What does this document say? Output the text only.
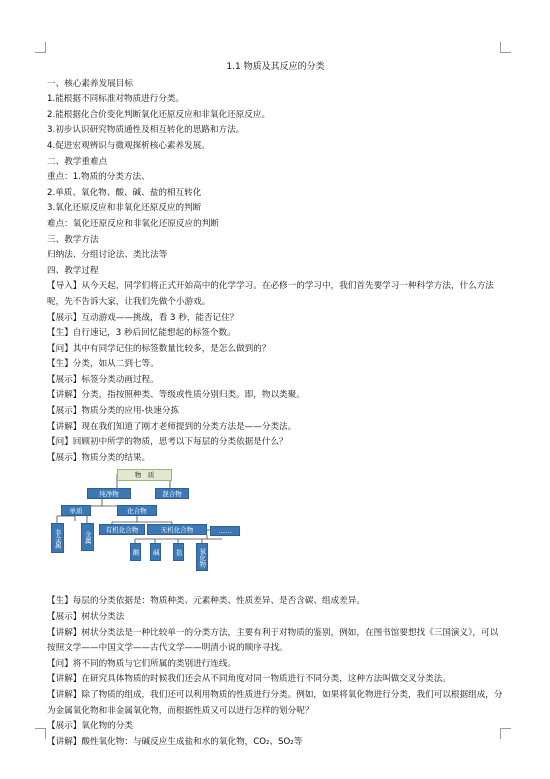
1.1 物质及其反应的分类
一、核心素养发展目标
1.能根据不同标准对物质进行分类。
2.能根据化合价变化判断氧化还原反应和非氧化还原反应。
3.初步认识研究物质通性及相互转化的思路和方法。
4.促进宏观辨识与微观探析核心素养发展。
二、教学重难点
重点：1.物质的分类方法、
2.单质、氧化物、酸、碱、盐的相互转化
3.氧化还原反应和非氧化还原反应的判断
难点：氧化还原反应和非氧化还原反应的判断
三、教学方法
归纳法、分组讨论法、类比法等
四、教学过程
【导入】从今天起，同学们将正式开始高中的化学学习。在必修一的学习中，我们首先要学习一种科学方法，什么方法呢，先不告诉大家，让我们先做个小游戏。
【展示】互动游戏——挑战，看 3 秒，能否记住？
【生】自行速记，3 秒后回忆能想起的标签个数。
【问】其中有同学记住的标签数量比较多，是怎么做到的？
【生】分类，如从二到七等。
【展示】标签分类动画过程。
【讲解】分类，指按照种类、等级或性质分别归类。即，物以类聚。
【展示】物质分类的应用-快速分拣
【讲解】现在我们知道了刚才老师提到的分类方法是——分类法。
【问】回顾初中所学的物质，思考以下每层的分类依据是什么？
【展示】物质分类的结果。
物　质
纯净物	混合物
单质	化合物
非金属	金属
有机化合物	无机化合物	……
酸 碱 盐	氧化物
【生】每层的分类依据是：物质种类、元素种类、性质差异、是否含碳、组成差异。
【展示】树状分类法
【讲解】树状分类法是一种比较单一的分类方法，主要有利于对物质的鉴别，例如，在图书馆要想找《三国演义》，可以按照文学——中国文学——古代文学——明清小说的顺序寻找。
【问】将不同的物质与它们所属的类别进行连线。
【讲解】在研究具体物质的时候我们还会从不同角度对同一物质进行不同分类，这种方法叫做交叉分类法。
【讲解】除了物质的组成，我们还可以利用物质的性质进行分类。例如，如果将氧化物进行分类，我们可以根据组成，分为金属氧化物和非金属氧化物，而根据性质又可以进行怎样的划分呢？
【展示】氧化物的分类
【讲解】酸性氧化物：与碱反应生成盐和水的氧化物，CO₂、SO₂等
